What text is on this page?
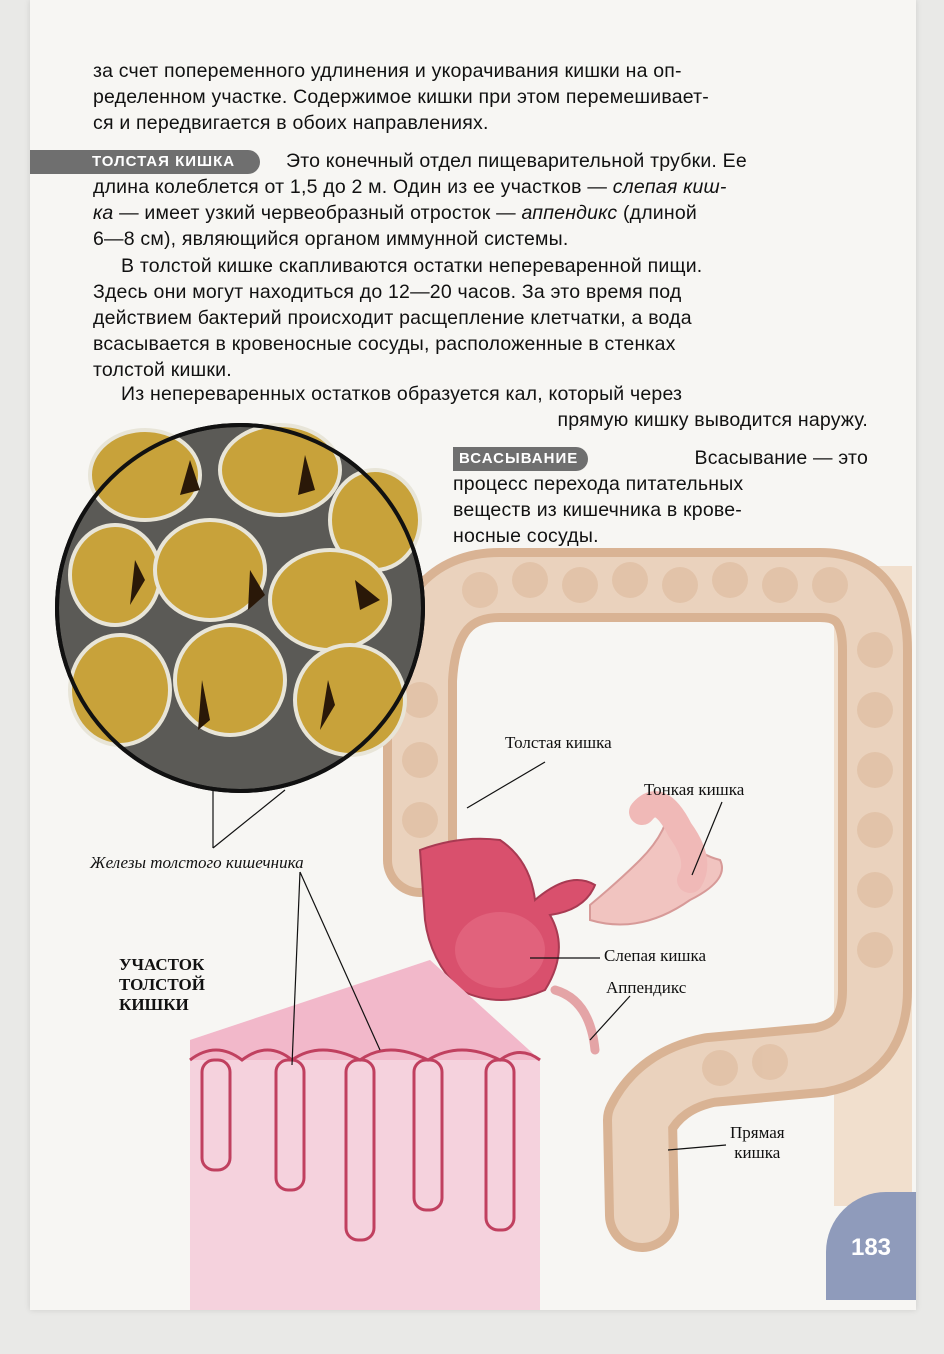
за счет попеременного удлинения и укорачивания кишки на оп-
ределенном участке. Содержимое кишки при этом перемешивает-
ся и передвигается в обоих направлениях.
ТОЛСТАЯ КИШКА	Это конечный отдел пищеварительной трубки. Ее
длина колеблется от 1,5 до 2 м. Один из ее участков — слепая киш-
ка — имеет узкий червеобразный отросток — аппендикс (длиной
6—8 см), являющийся органом иммунной системы.
В толстой кишке скапливаются остатки непереваренной пищи.
Здесь они могут находиться до 12—20 часов. За это время под
действием бактерий происходит расщепление клетчатки, а вода
всасывается в кровеносные сосуды, расположенные в стенках
толстой кишки.
Из непереваренных остатков образуется кал, который через
прямую кишку выводится наружу.
ВСАСЫВАНИЕ	Всасывание — это
процесс перехода питательных
веществ из кишечника в крове-
носные сосуды.
Толстая кишка
Тонкая кишка
Железы толстого кишечника
УЧАСТОК
ТОЛСТОЙ
КИШКИ
Слепая кишка
Аппендикс
Прямая
кишка
183
